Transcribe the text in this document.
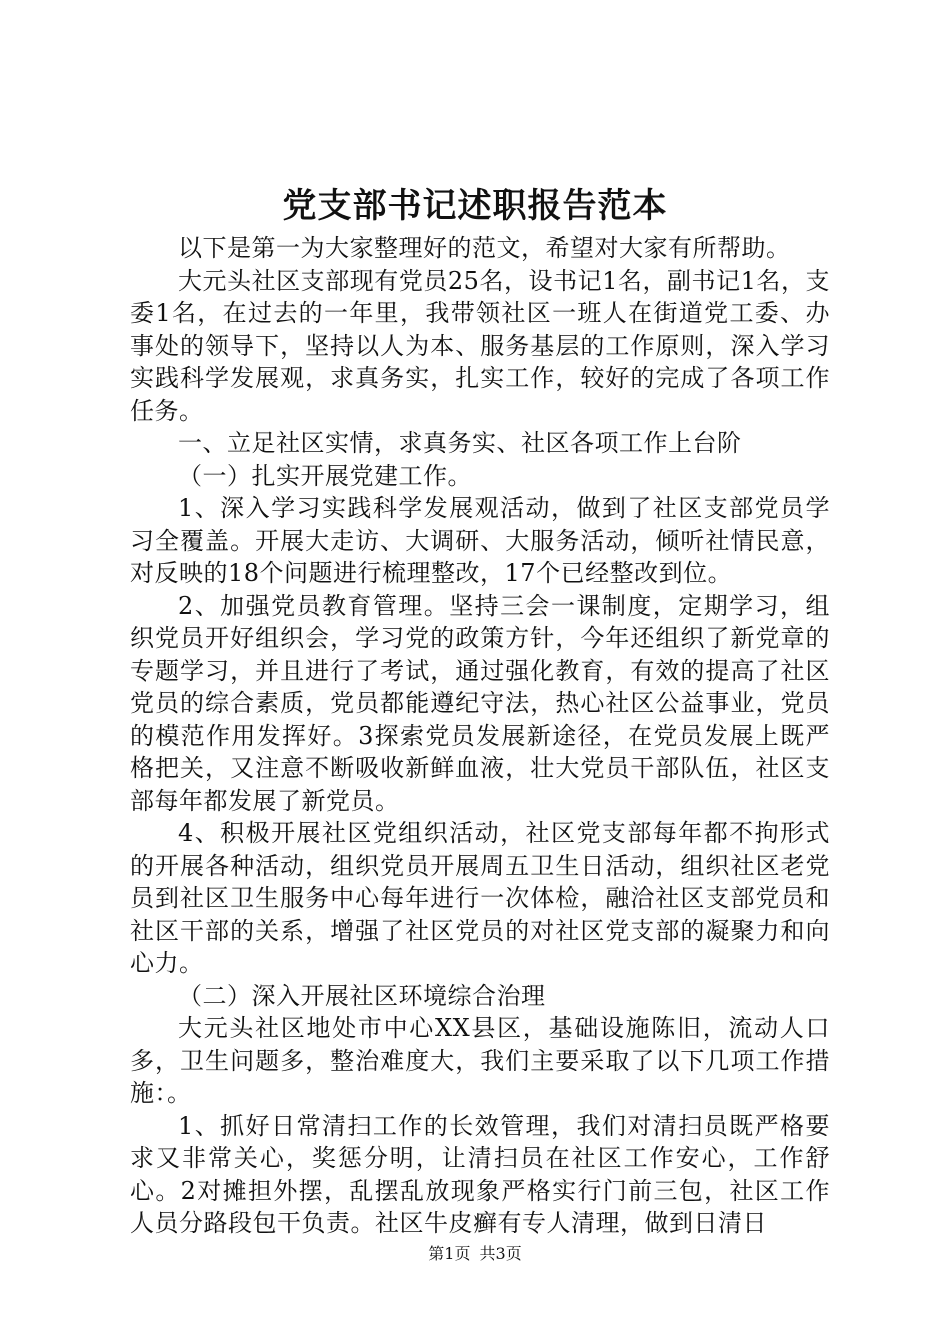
党支部书记述职报告范本

以下是第一为大家整理好的范文，希望对大家有所帮助。

大元头社区支部现有党员25名，设书记1名，副书记1名，支委1名，在过去的一年里，我带领社区一班人在街道党工委、办事处的领导下，坚持以人为本、服务基层的工作原则，深入学习实践科学发展观，求真务实，扎实工作，较好的完成了各项工作任务。

一、立足社区实情，求真务实、社区各项工作上台阶

（一）扎实开展党建工作。

1、深入学习实践科学发展观活动，做到了社区支部党员学习全覆盖。开展大走访、大调研、大服务活动，倾听社情民意，对反映的18个问题进行梳理整改，17个已经整改到位。

2、加强党员教育管理。坚持三会一课制度，定期学习，组织党员开好组织会，学习党的政策方针，今年还组织了新党章的专题学习，并且进行了考试，通过强化教育，有效的提高了社区党员的综合素质，党员都能遵纪守法，热心社区公益事业，党员的模范作用发挥好。3探索党员发展新途径，在党员发展上既严格把关，又注意不断吸收新鲜血液，壮大党员干部队伍，社区支部每年都发展了新党员。

4、积极开展社区党组织活动，社区党支部每年都不拘形式的开展各种活动，组织党员开展周五卫生日活动，组织社区老党员到社区卫生服务中心每年进行一次体检，融洽社区支部党员和社区干部的关系，增强了社区党员的对社区党支部的凝聚力和向心力。

（二）深入开展社区环境综合治理

大元头社区地处市中心XX县区，基础设施陈旧，流动人口多，卫生问题多，整治难度大，我们主要采取了以下几项工作措施：。

1、抓好日常清扫工作的长效管理，我们对清扫员既严格要求又非常关心，奖惩分明，让清扫员在社区工作安心，工作舒心。2对摊担外摆，乱摆乱放现象严格实行门前三包，社区工作人员分路段包干负责。社区牛皮癣有专人清理，做到日清日

第1页 共3页
